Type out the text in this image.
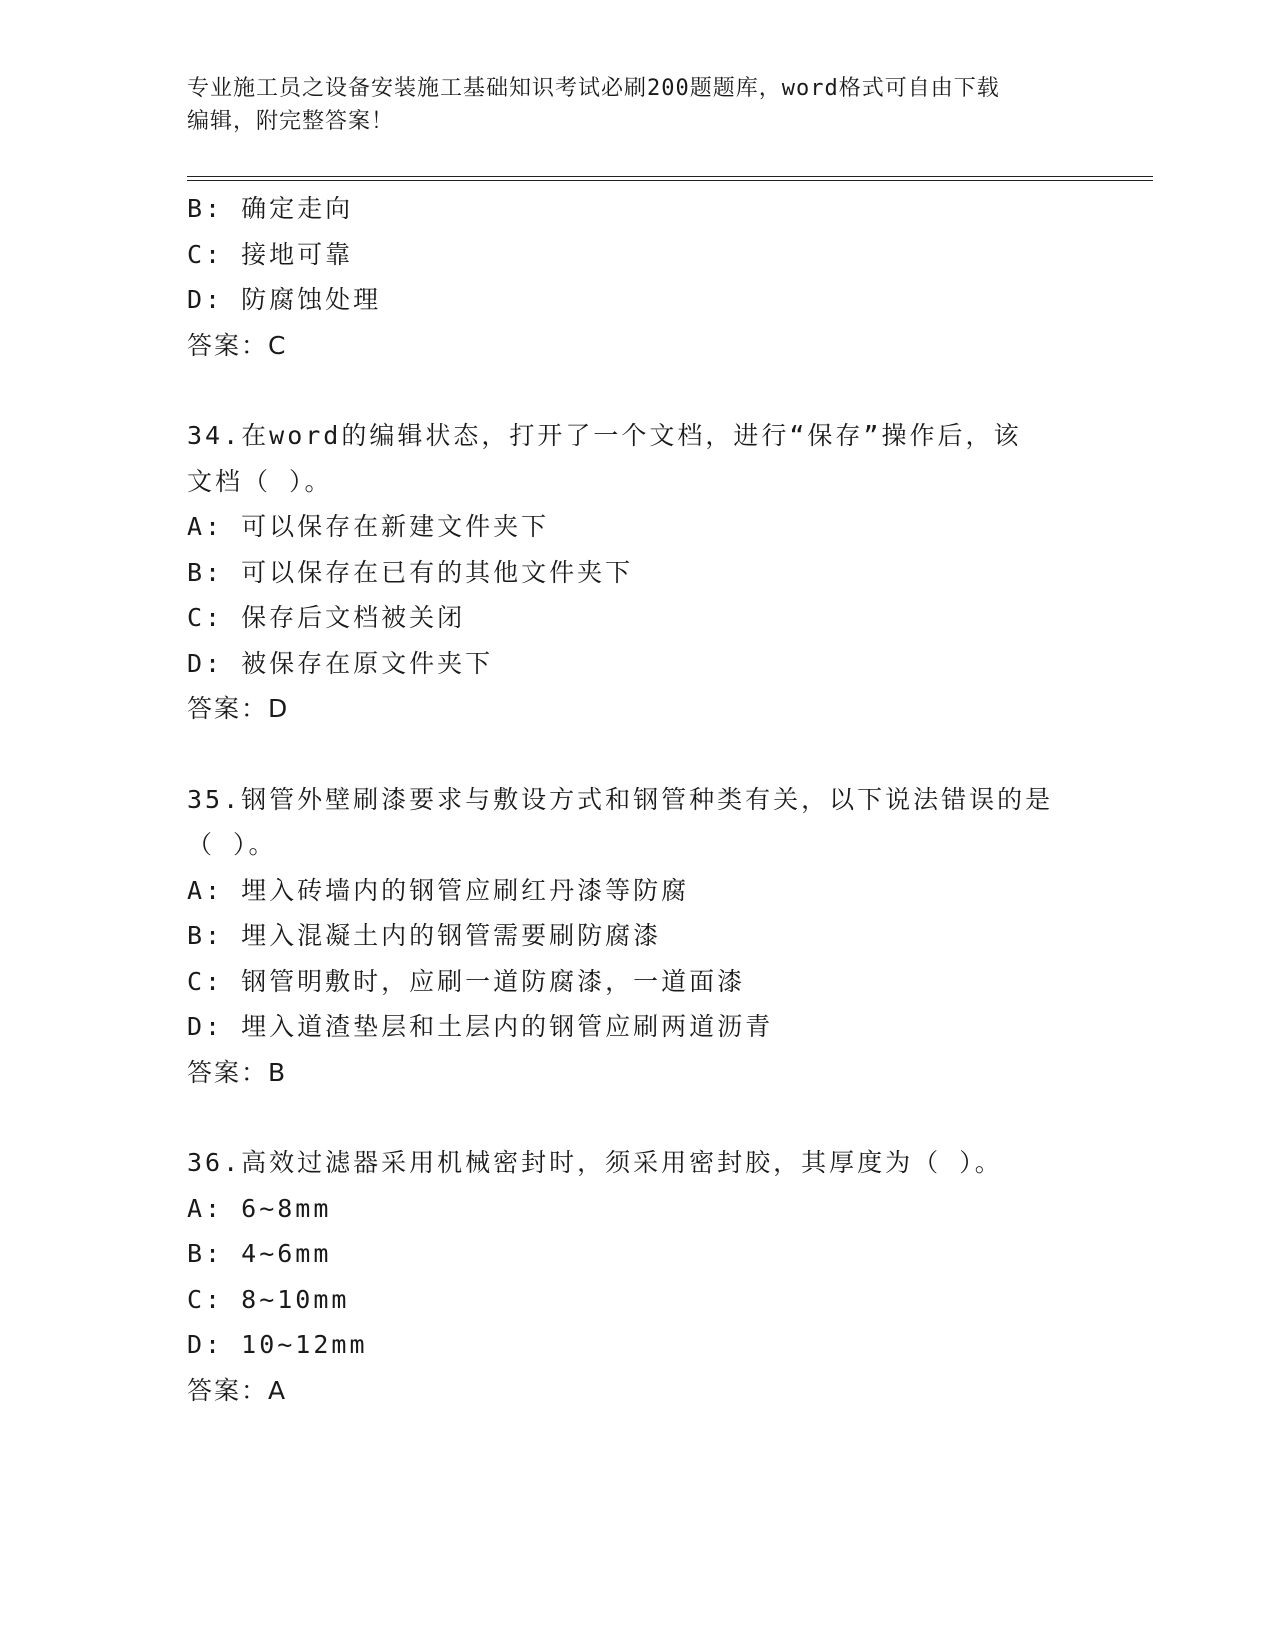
专业施工员之设备安装施工基础知识考试必刷200题题库，word格式可自由下载
编辑，附完整答案！
B: 确定走向
C: 接地可靠
D: 防腐蚀处理
答案：C
34.在word的编辑状态，打开了一个文档，进行“保存”操作后，该
文档（ ）。
A: 可以保存在新建文件夹下
B: 可以保存在已有的其他文件夹下
C: 保存后文档被关闭
D: 被保存在原文件夹下
答案：D
35.钢管外壁刷漆要求与敷设方式和钢管种类有关，以下说法错误的是
（ ）。
A: 埋入砖墙内的钢管应刷红丹漆等防腐
B: 埋入混凝土内的钢管需要刷防腐漆
C: 钢管明敷时，应刷一道防腐漆，一道面漆
D: 埋入道渣垫层和土层内的钢管应刷两道沥青
答案：B
36.高效过滤器采用机械密封时，须采用密封胶，其厚度为（ ）。
A: 6~8mm
B: 4~6mm
C: 8~10mm
D: 10~12mm
答案：A
